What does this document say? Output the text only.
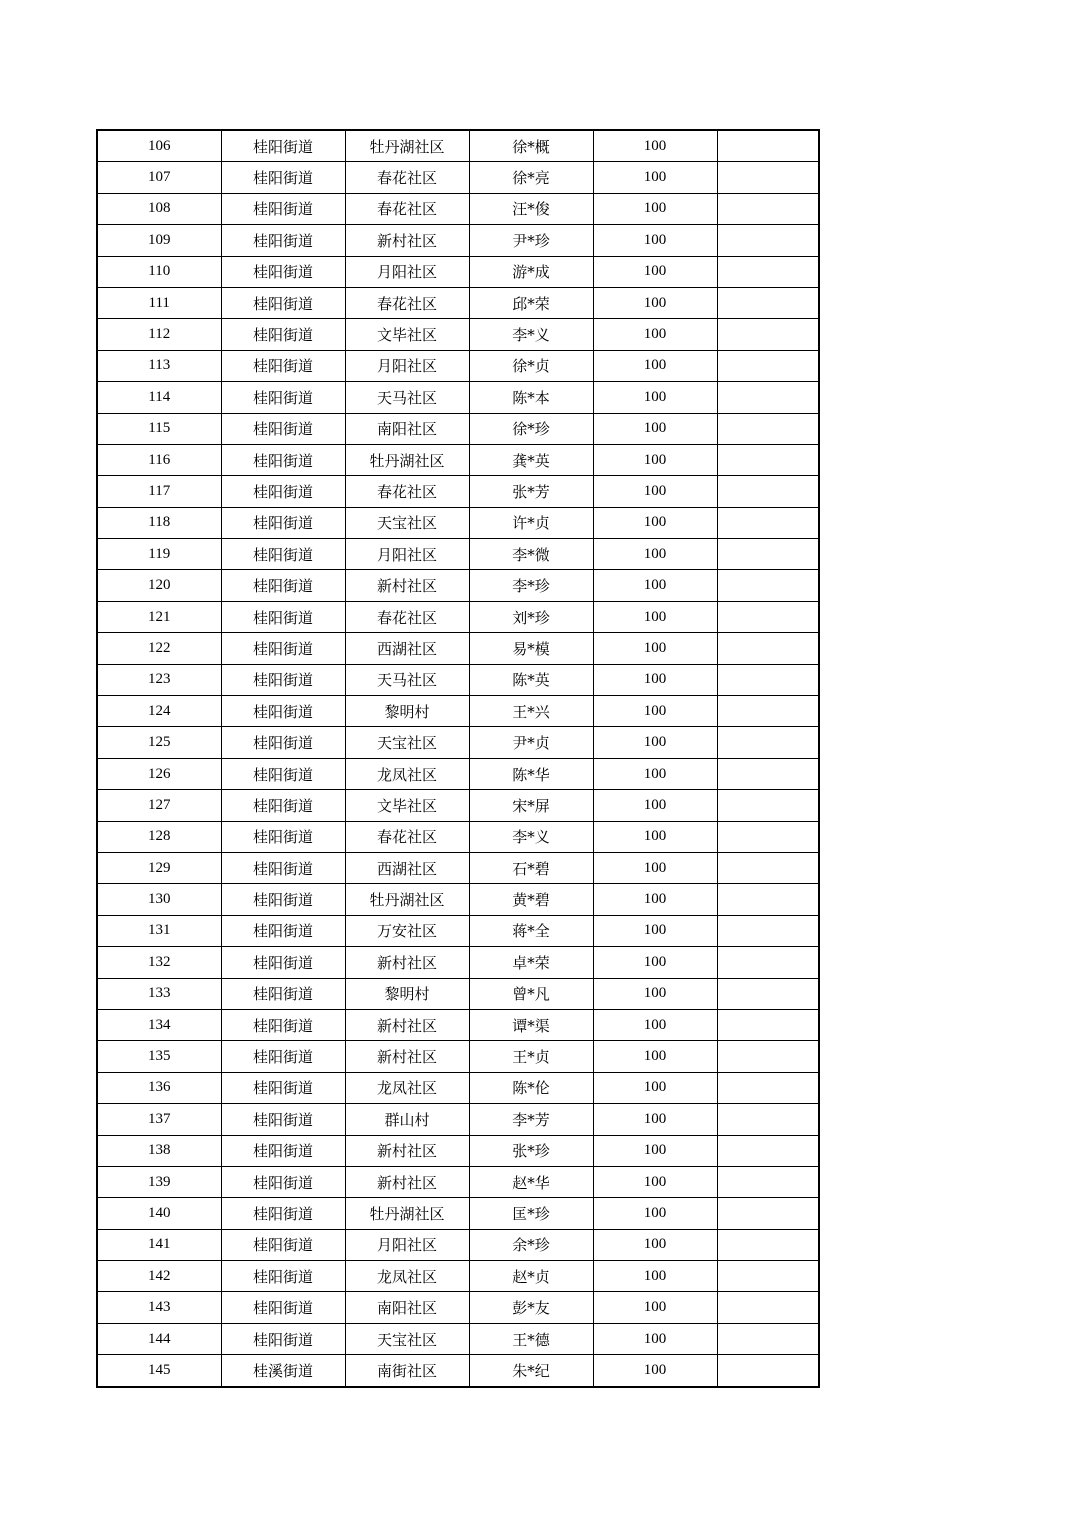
106	桂阳街道	牡丹湖社区	徐*概	100	
107	桂阳街道	春花社区	徐*亮	100	
108	桂阳街道	春花社区	汪*俊	100	
109	桂阳街道	新村社区	尹*珍	100	
110	桂阳街道	月阳社区	游*成	100	
111	桂阳街道	春花社区	邱*荣	100	
112	桂阳街道	文毕社区	李*义	100	
113	桂阳街道	月阳社区	徐*贞	100	
114	桂阳街道	天马社区	陈*本	100	
115	桂阳街道	南阳社区	徐*珍	100	
116	桂阳街道	牡丹湖社区	龚*英	100	
117	桂阳街道	春花社区	张*芳	100	
118	桂阳街道	天宝社区	许*贞	100	
119	桂阳街道	月阳社区	李*微	100	
120	桂阳街道	新村社区	李*珍	100	
121	桂阳街道	春花社区	刘*珍	100	
122	桂阳街道	西湖社区	易*模	100	
123	桂阳街道	天马社区	陈*英	100	
124	桂阳街道	黎明村	王*兴	100	
125	桂阳街道	天宝社区	尹*贞	100	
126	桂阳街道	龙凤社区	陈*华	100	
127	桂阳街道	文毕社区	宋*屏	100	
128	桂阳街道	春花社区	李*义	100	
129	桂阳街道	西湖社区	石*碧	100	
130	桂阳街道	牡丹湖社区	黄*碧	100	
131	桂阳街道	万安社区	蒋*全	100	
132	桂阳街道	新村社区	卓*荣	100	
133	桂阳街道	黎明村	曾*凡	100	
134	桂阳街道	新村社区	谭*渠	100	
135	桂阳街道	新村社区	王*贞	100	
136	桂阳街道	龙凤社区	陈*伦	100	
137	桂阳街道	群山村	李*芳	100	
138	桂阳街道	新村社区	张*珍	100	
139	桂阳街道	新村社区	赵*华	100	
140	桂阳街道	牡丹湖社区	匡*珍	100	
141	桂阳街道	月阳社区	余*珍	100	
142	桂阳街道	龙凤社区	赵*贞	100	
143	桂阳街道	南阳社区	彭*友	100	
144	桂阳街道	天宝社区	王*德	100	
145	桂溪街道	南街社区	朱*纪	100	
